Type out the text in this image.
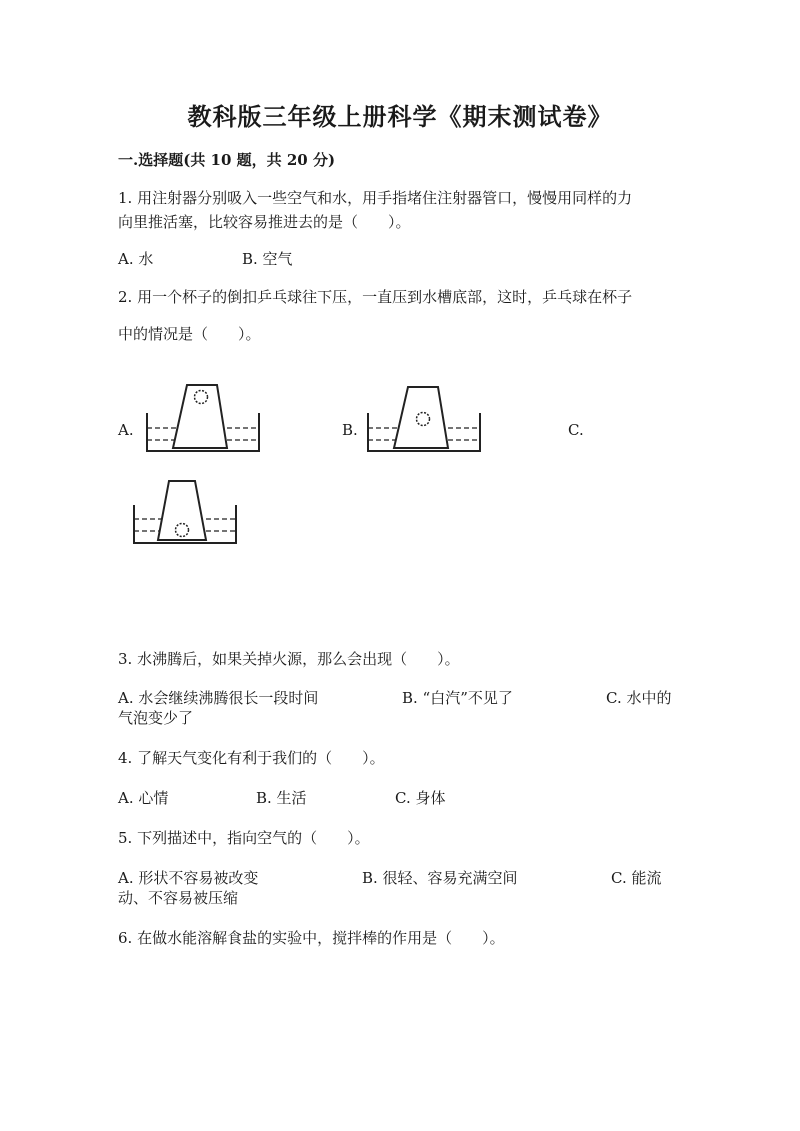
教科版三年级上册科学《期末测试卷》
一.选择题(共 10 题，共 20 分)
1. 用注射器分别吸入一些空气和水，用手指堵住注射器管口，慢慢用同样的力
向里推活塞，比较容易推进去的是（　　）。
A. 水	B. 空气
2. 用一个杯子的倒扣乒乓球往下压，一直压到水槽底部，这时，乒乓球在杯子
中的情况是（　　）。
A.	B.	C.
3. 水沸腾后，如果关掉火源，那么会出现（　　）。
A. 水会继续沸腾很长一段时间	B. “白汽”不见了	C. 水中的
气泡变少了
4. 了解天气变化有利于我们的（　　）。
A. 心情	B. 生活	C. 身体
5. 下列描述中，指向空气的（　　）。
A. 形状不容易被改变	B. 很轻、容易充满空间	C. 能流
动、不容易被压缩
6. 在做水能溶解食盐的实验中，搅拌棒的作用是（　　）。
